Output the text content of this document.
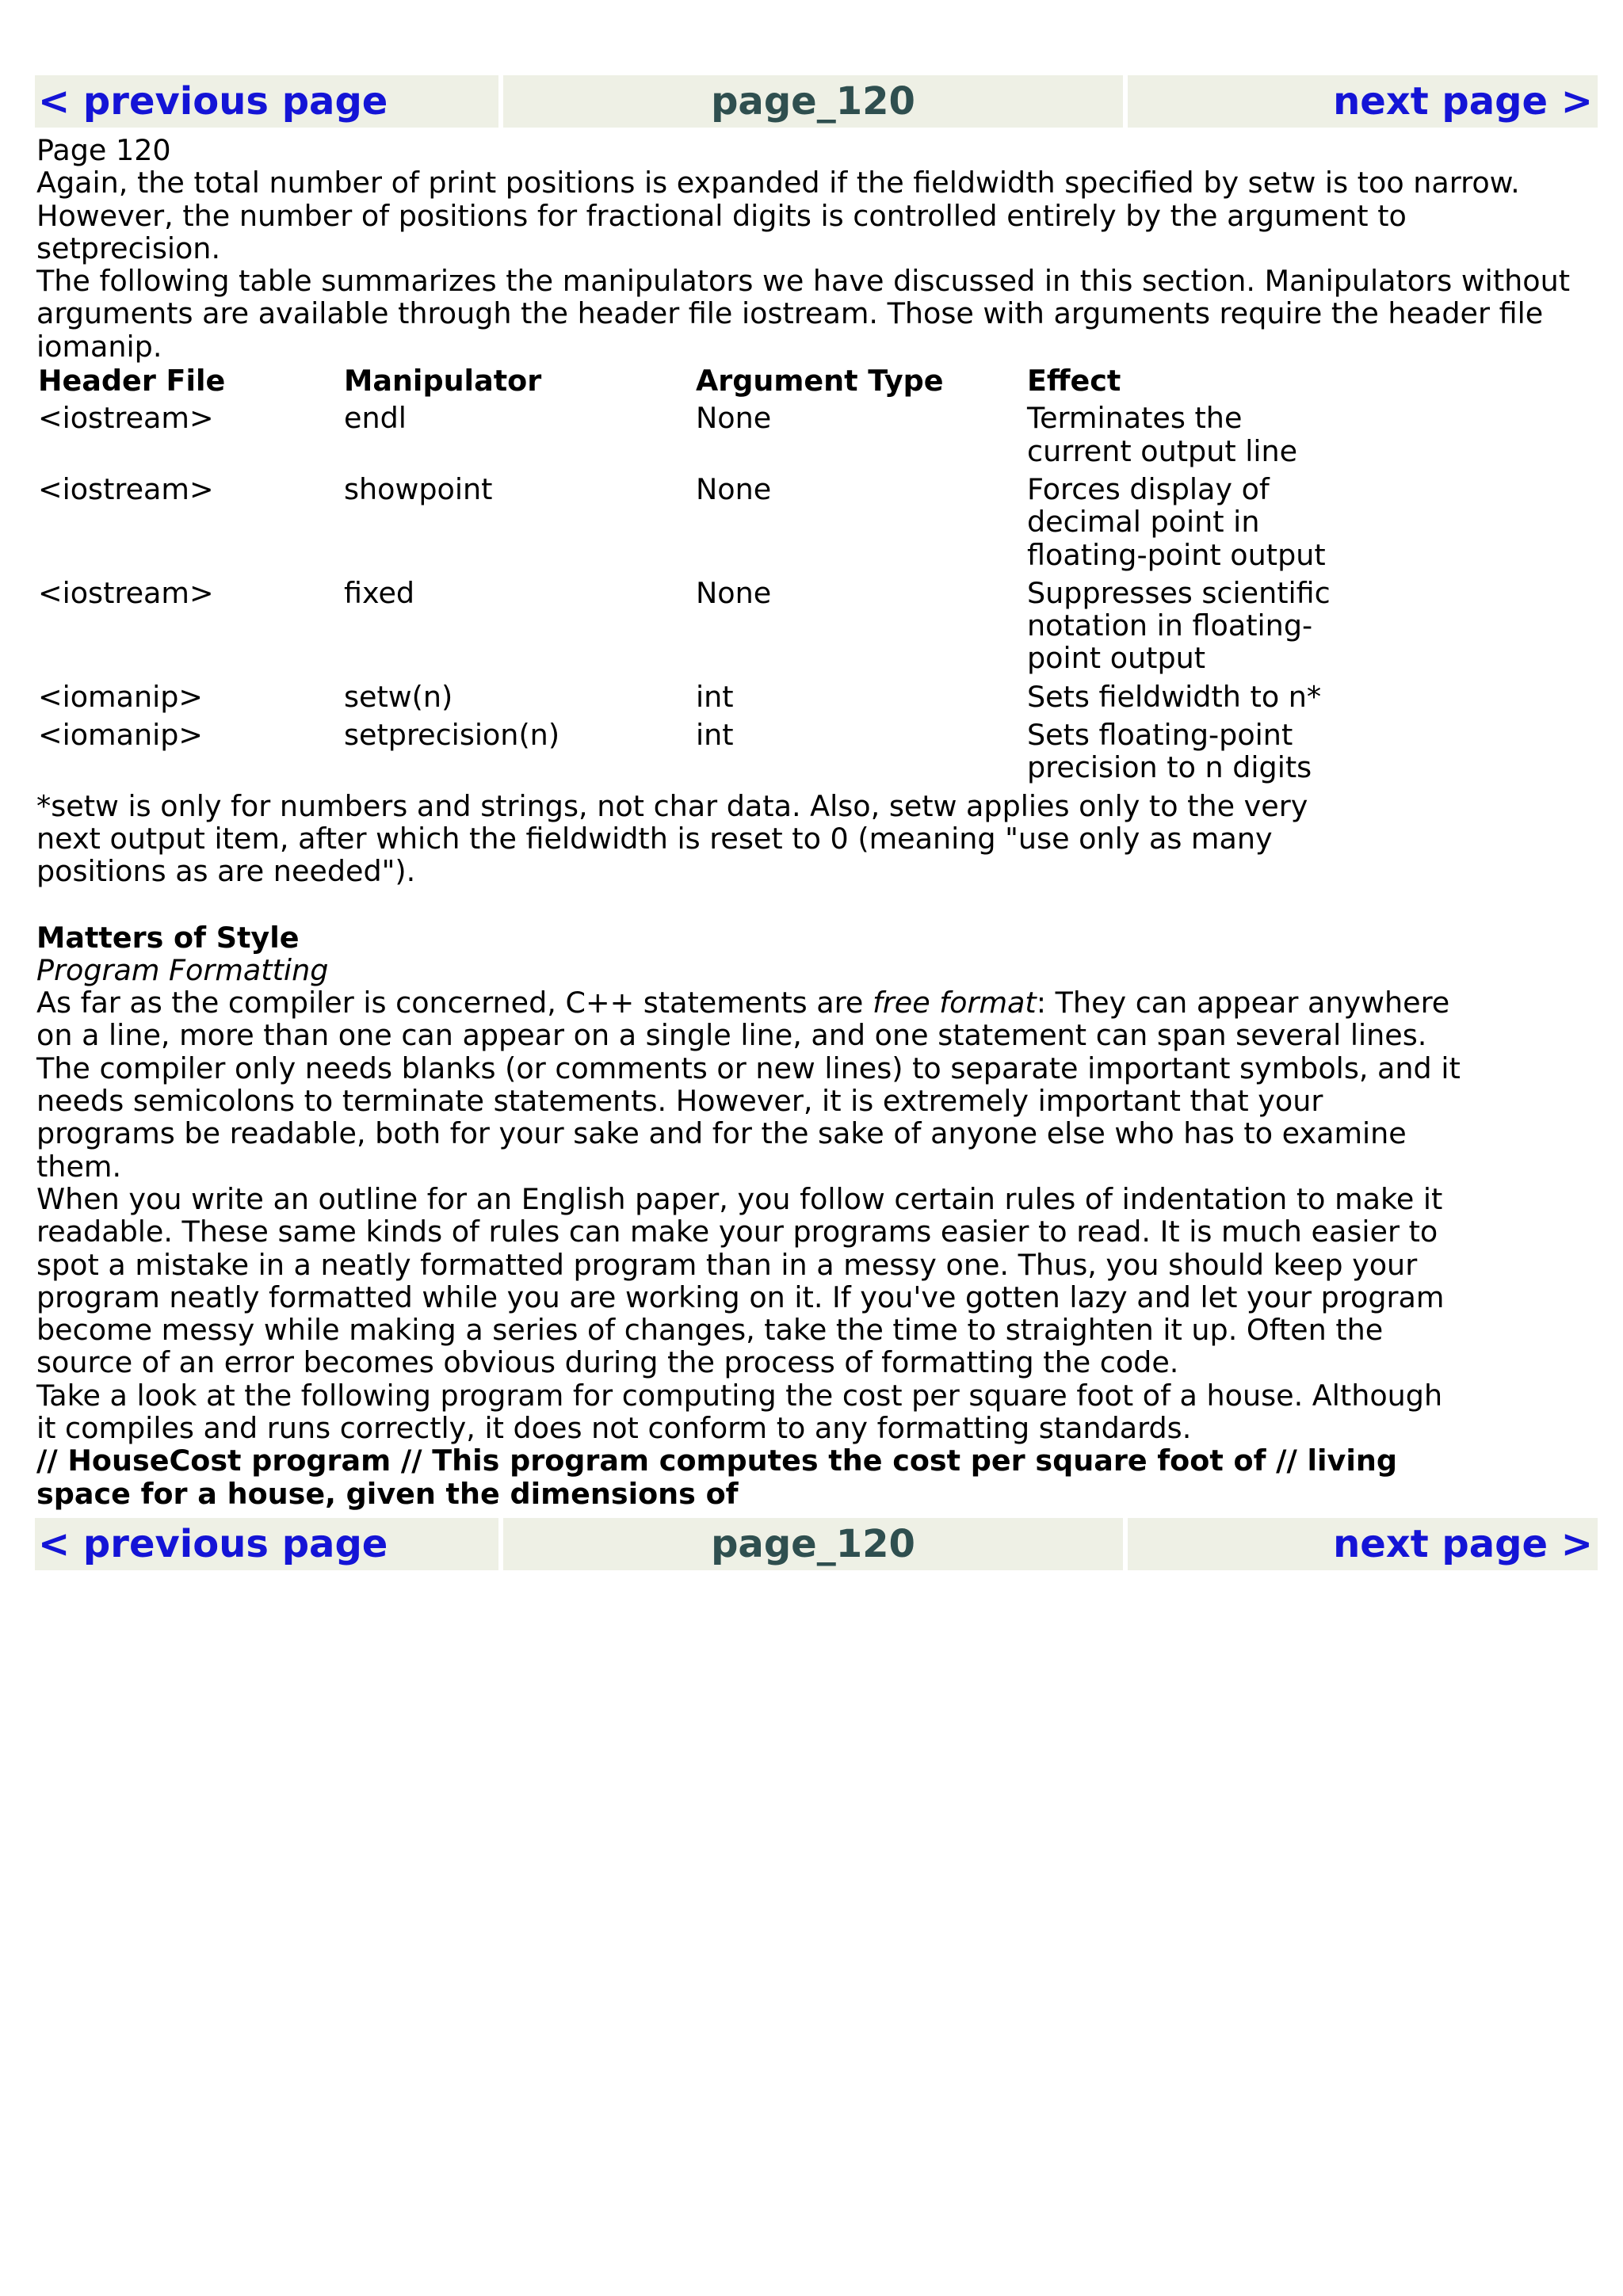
< previous page	page_120	next page >

Page 120

Again, the total number of print positions is expanded if the fieldwidth specified by setw is too narrow. However, the number of positions for fractional digits is controlled entirely by the argument to setprecision.

The following table summarizes the manipulators we have discussed in this section. Manipulators without arguments are available through the header file iostream. Those with arguments require the header file iomanip.

Header File	Manipulator	Argument Type	Effect
<iostream>	endl	None	Terminates the current output line
<iostream>	showpoint	None	Forces display of decimal point in floating-point output
<iostream>	fixed	None	Suppresses scientific notation in floating-point output
<iomanip>	setw(n)	int	Sets fieldwidth to n*
<iomanip>	setprecision(n)	int	Sets floating-point precision to n digits

*setw is only for numbers and strings, not char data. Also, setw applies only to the very next output item, after which the fieldwidth is reset to 0 (meaning "use only as many positions as are needed").

Matters of Style

Program Formatting

As far as the compiler is concerned, C++ statements are free format: They can appear anywhere on a line, more than one can appear on a single line, and one statement can span several lines. The compiler only needs blanks (or comments or new lines) to separate important symbols, and it needs semicolons to terminate statements. However, it is extremely important that your programs be readable, both for your sake and for the sake of anyone else who has to examine them.

When you write an outline for an English paper, you follow certain rules of indentation to make it readable. These same kinds of rules can make your programs easier to read. It is much easier to spot a mistake in a neatly formatted program than in a messy one. Thus, you should keep your program neatly formatted while you are working on it. If you've gotten lazy and let your program become messy while making a series of changes, take the time to straighten it up. Often the source of an error becomes obvious during the process of formatting the code.

Take a look at the following program for computing the cost per square foot of a house. Although it compiles and runs correctly, it does not conform to any formatting standards.

// HouseCost program // This program computes the cost per square foot of // living space for a house, given the dimensions of

< previous page	page_120	next page >
